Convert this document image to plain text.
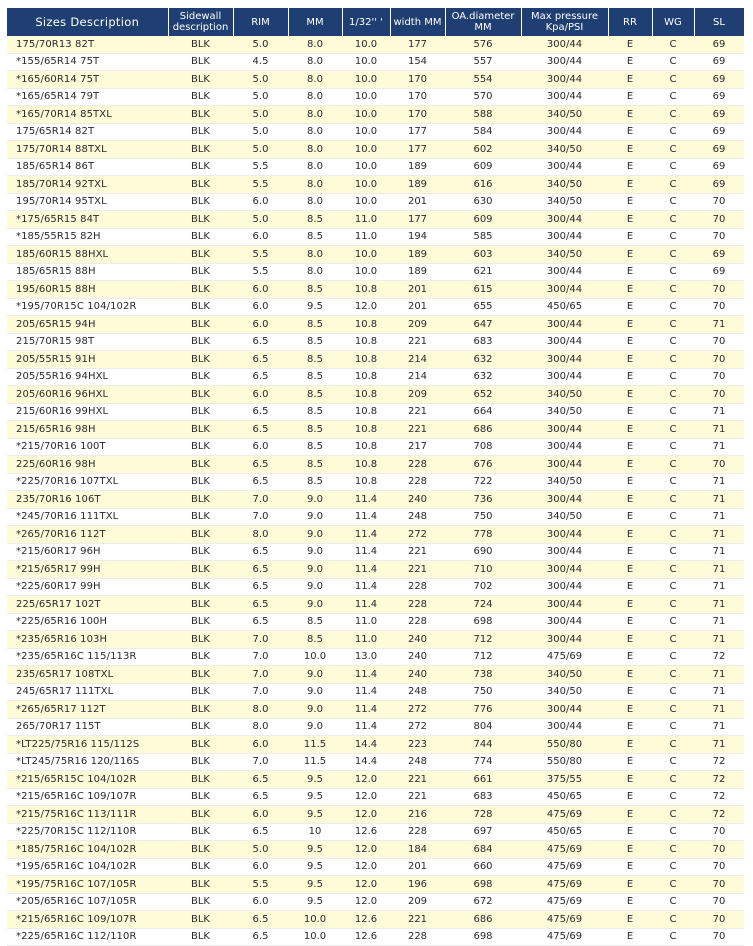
Sizes Description	Sidewall description	RIM	MM	1/32'' '	width MM	OA.diameter MM	Max pressure Kpa/PSI	RR	WG	SL
175/70R13 82T	BLK	5.0	8.0	10.0	177	576	300/44	E	C	69
*155/65R14 75T	BLK	4.5	8.0	10.0	154	557	300/44	E	C	69
*165/60R14 75T	BLK	5.0	8.0	10.0	170	554	300/44	E	C	69
*165/65R14 79T	BLK	5.0	8.0	10.0	170	570	300/44	E	C	69
*165/70R14 85TXL	BLK	5.0	8.0	10.0	170	588	340/50	E	C	69
175/65R14 82T	BLK	5.0	8.0	10.0	177	584	300/44	E	C	69
175/70R14 88TXL	BLK	5.0	8.0	10.0	177	602	340/50	E	C	69
185/65R14 86T	BLK	5.5	8.0	10.0	189	609	300/44	E	C	69
185/70R14 92TXL	BLK	5.5	8.0	10.0	189	616	340/50	E	C	69
195/70R14 95TXL	BLK	6.0	8.0	10.0	201	630	340/50	E	C	70
*175/65R15 84T	BLK	5.0	8.5	11.0	177	609	300/44	E	C	70
*185/55R15 82H	BLK	6.0	8.5	11.0	194	585	300/44	E	C	70
185/60R15 88HXL	BLK	5.5	8.0	10.0	189	603	340/50	E	C	69
185/65R15 88H	BLK	5.5	8.0	10.0	189	621	300/44	E	C	69
195/60R15 88H	BLK	6.0	8.5	10.8	201	615	300/44	E	C	70
*195/70R15C 104/102R	BLK	6.0	9.5	12.0	201	655	450/65	E	C	70
205/65R15 94H	BLK	6.0	8.5	10.8	209	647	300/44	E	C	71
215/70R15 98T	BLK	6.5	8.5	10.8	221	683	300/44	E	C	70
205/55R15 91H	BLK	6.5	8.5	10.8	214	632	300/44	E	C	70
205/55R16 94HXL	BLK	6.5	8.5	10.8	214	632	300/44	E	C	70
205/60R16 96HXL	BLK	6.0	8.5	10.8	209	652	340/50	E	C	70
215/60R16 99HXL	BLK	6.5	8.5	10.8	221	664	340/50	E	C	71
215/65R16 98H	BLK	6.5	8.5	10.8	221	686	300/44	E	C	71
*215/70R16 100T	BLK	6.0	8.5	10.8	217	708	300/44	E	C	71
225/60R16 98H	BLK	6.5	8.5	10.8	228	676	300/44	E	C	70
*225/70R16 107TXL	BLK	6.5	8.5	10.8	228	722	340/50	E	C	71
235/70R16 106T	BLK	7.0	9.0	11.4	240	736	300/44	E	C	71
*245/70R16 111TXL	BLK	7.0	9.0	11.4	248	750	340/50	E	C	71
*265/70R16 112T	BLK	8.0	9.0	11.4	272	778	300/44	E	C	71
*215/60R17 96H	BLK	6.5	9.0	11.4	221	690	300/44	E	C	71
*215/65R17 99H	BLK	6.5	9.0	11.4	221	710	300/44	E	C	71
*225/60R17 99H	BLK	6.5	9.0	11.4	228	702	300/44	E	C	71
225/65R17 102T	BLK	6.5	9.0	11.4	228	724	300/44	E	C	71
*225/65R16 100H	BLK	6.5	8.5	11.0	228	698	300/44	E	C	71
*235/65R16 103H	BLK	7.0	8.5	11.0	240	712	300/44	E	C	71
*235/65R16C 115/113R	BLK	7.0	10.0	13.0	240	712	475/69	E	C	72
235/65R17 108TXL	BLK	7.0	9.0	11.4	240	738	340/50	E	C	71
245/65R17 111TXL	BLK	7.0	9.0	11.4	248	750	340/50	E	C	71
*265/65R17 112T	BLK	8.0	9.0	11.4	272	776	300/44	E	C	71
265/70R17 115T	BLK	8.0	9.0	11.4	272	804	300/44	E	C	71
*LT225/75R16 115/112S	BLK	6.0	11.5	14.4	223	744	550/80	E	C	71
*LT245/75R16 120/116S	BLK	7.0	11.5	14.4	248	774	550/80	E	C	72
*215/65R15C 104/102R	BLK	6.5	9.5	12.0	221	661	375/55	E	C	72
*215/65R16C 109/107R	BLK	6.5	9.5	12.0	221	683	450/65	E	C	72
*215/75R16C 113/111R	BLK	6.0	9.5	12.0	216	728	475/69	E	C	72
*225/70R15C 112/110R	BLK	6.5	10	12.6	228	697	450/65	E	C	70
*185/75R16C 104/102R	BLK	5.0	9.5	12.0	184	684	475/69	E	C	70
*195/65R16C 104/102R	BLK	6.0	9.5	12.0	201	660	475/69	E	C	70
*195/75R16C 107/105R	BLK	5.5	9.5	12.0	196	698	475/69	E	C	70
*205/65R16C 107/105R	BLK	6.0	9.5	12.0	209	672	475/69	E	C	70
*215/65R16C 109/107R	BLK	6.5	10.0	12.6	221	686	475/69	E	C	70
*225/65R16C 112/110R	BLK	6.5	10.0	12.6	228	698	475/69	E	C	70
